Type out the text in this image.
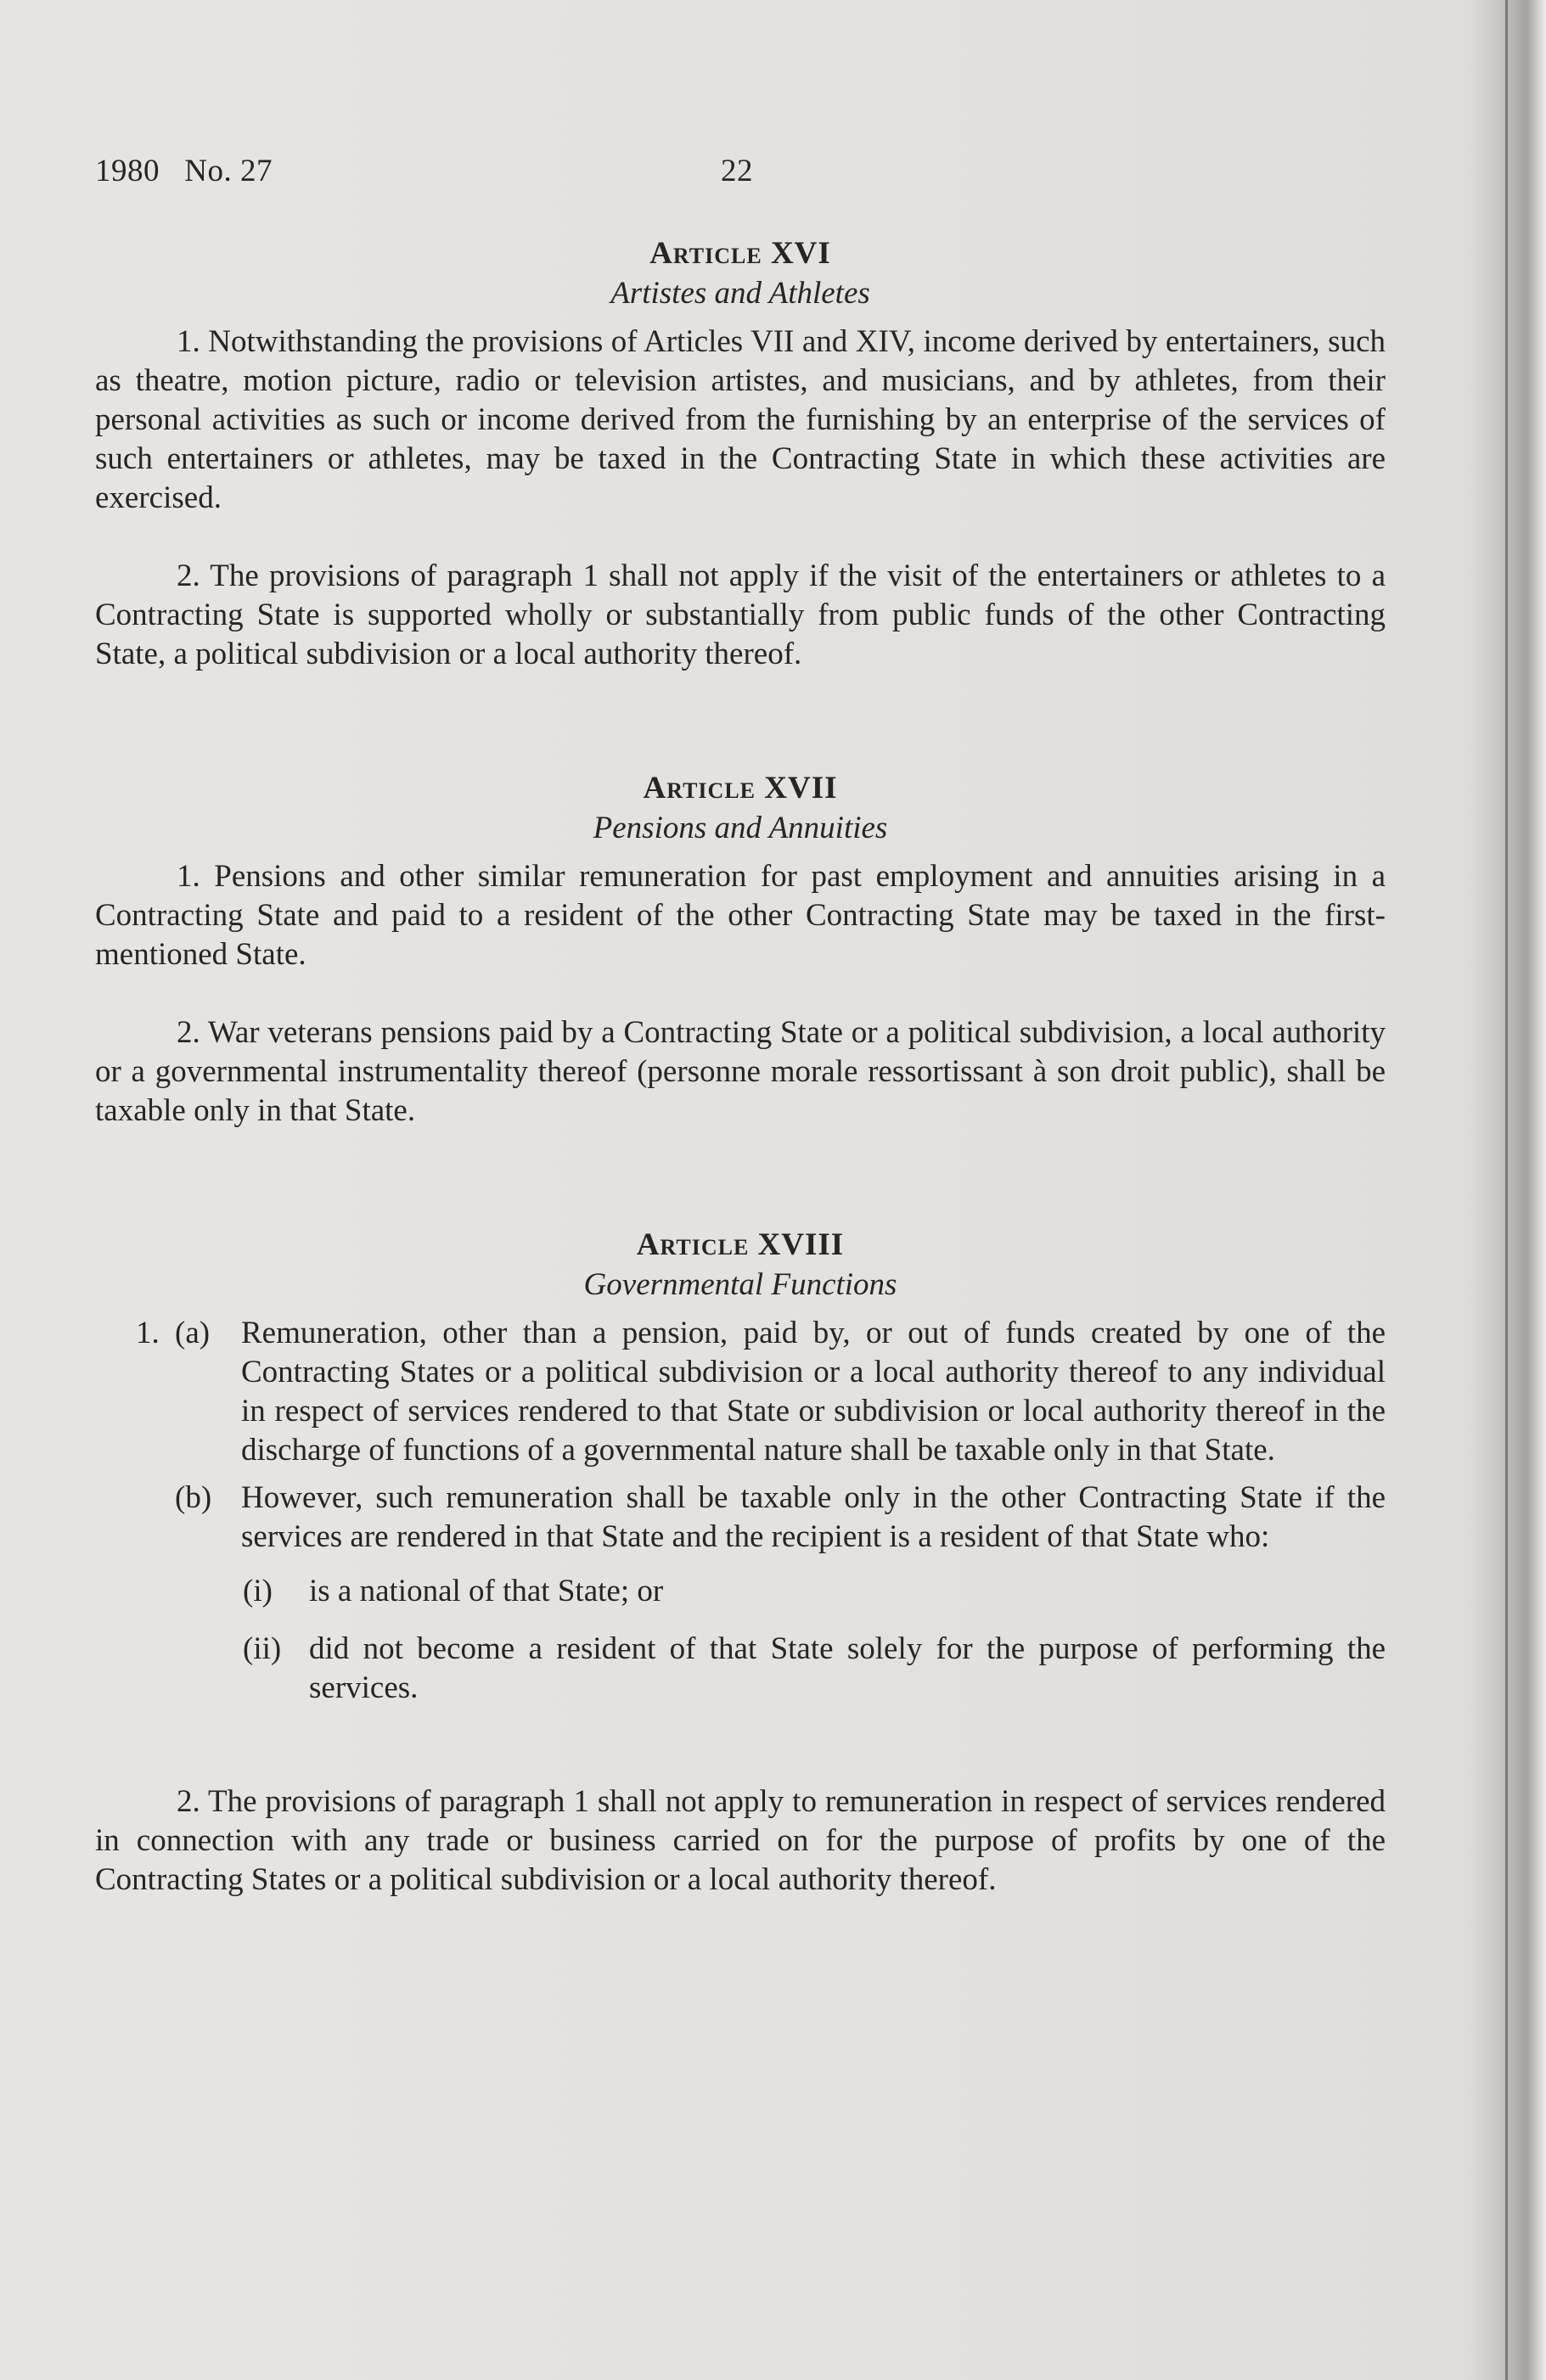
1980   No. 27	22
Article XVI
Artistes and Athletes

1. Notwithstanding the provisions of Articles VII and XIV, income derived by entertainers, such as theatre, motion picture, radio or television artistes, and musicians, and by athletes, from their personal activities as such or income derived from the furnishing by an enterprise of the services of such entertainers or athletes, may be taxed in the Contracting State in which these activities are exercised.

2. The provisions of paragraph 1 shall not apply if the visit of the entertainers or athletes to a Contracting State is supported wholly or substantially from public funds of the other Contracting State, a political subdivision or a local authority thereof.

Article XVII
Pensions and Annuities

1. Pensions and other similar remuneration for past employment and annuities arising in a Contracting State and paid to a resident of the other Contracting State may be taxed in the first-mentioned State.

2. War veterans pensions paid by a Contracting State or a political subdivision, a local authority or a governmental instrumentality thereof (personne morale ressortissant à son droit public), shall be taxable only in that State.

Article XVIII
Governmental Functions
1. (a) Remuneration, other than a pension, paid by, or out of funds created by one of the Contracting States or a political subdivision or a local authority thereof to any individual in respect of services rendered to that State or subdivision or local authority thereof in the discharge of functions of a governmental nature shall be taxable only in that State.
(b) However, such remuneration shall be taxable only in the other Contracting State if the services are rendered in that State and the recipient is a resident of that State who:
(i) is a national of that State; or
(ii) did not become a resident of that State solely for the purpose of performing the services.

2. The provisions of paragraph 1 shall not apply to remuneration in respect of services rendered in connection with any trade or business carried on for the purpose of profits by one of the Contracting States or a political subdivision or a local authority thereof.
